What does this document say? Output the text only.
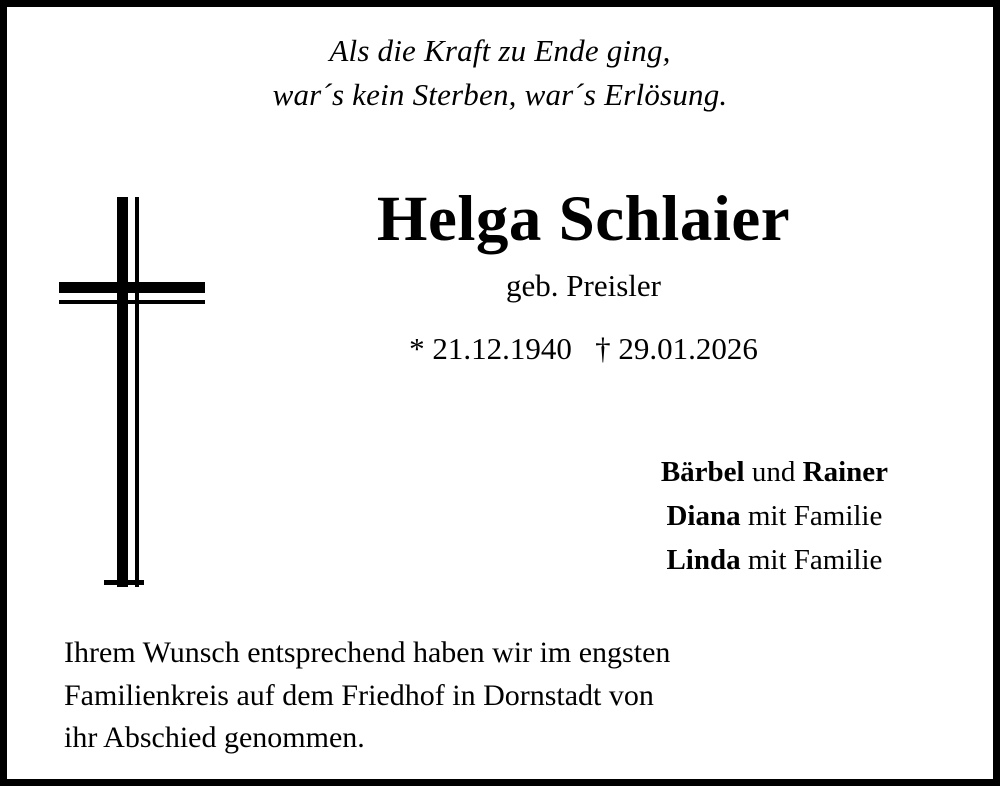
Als die Kraft zu Ende ging,
war´s kein Sterben, war´s Erlösung.
Helga Schlaier
geb. Preisler
* 21.12.1940   † 29.01.2026
Bärbel und Rainer
Diana mit Familie
Linda mit Familie
Ihrem Wunsch entsprechend haben wir im engsten
Familienkreis auf dem Friedhof in Dornstadt von
ihr Abschied genommen.
